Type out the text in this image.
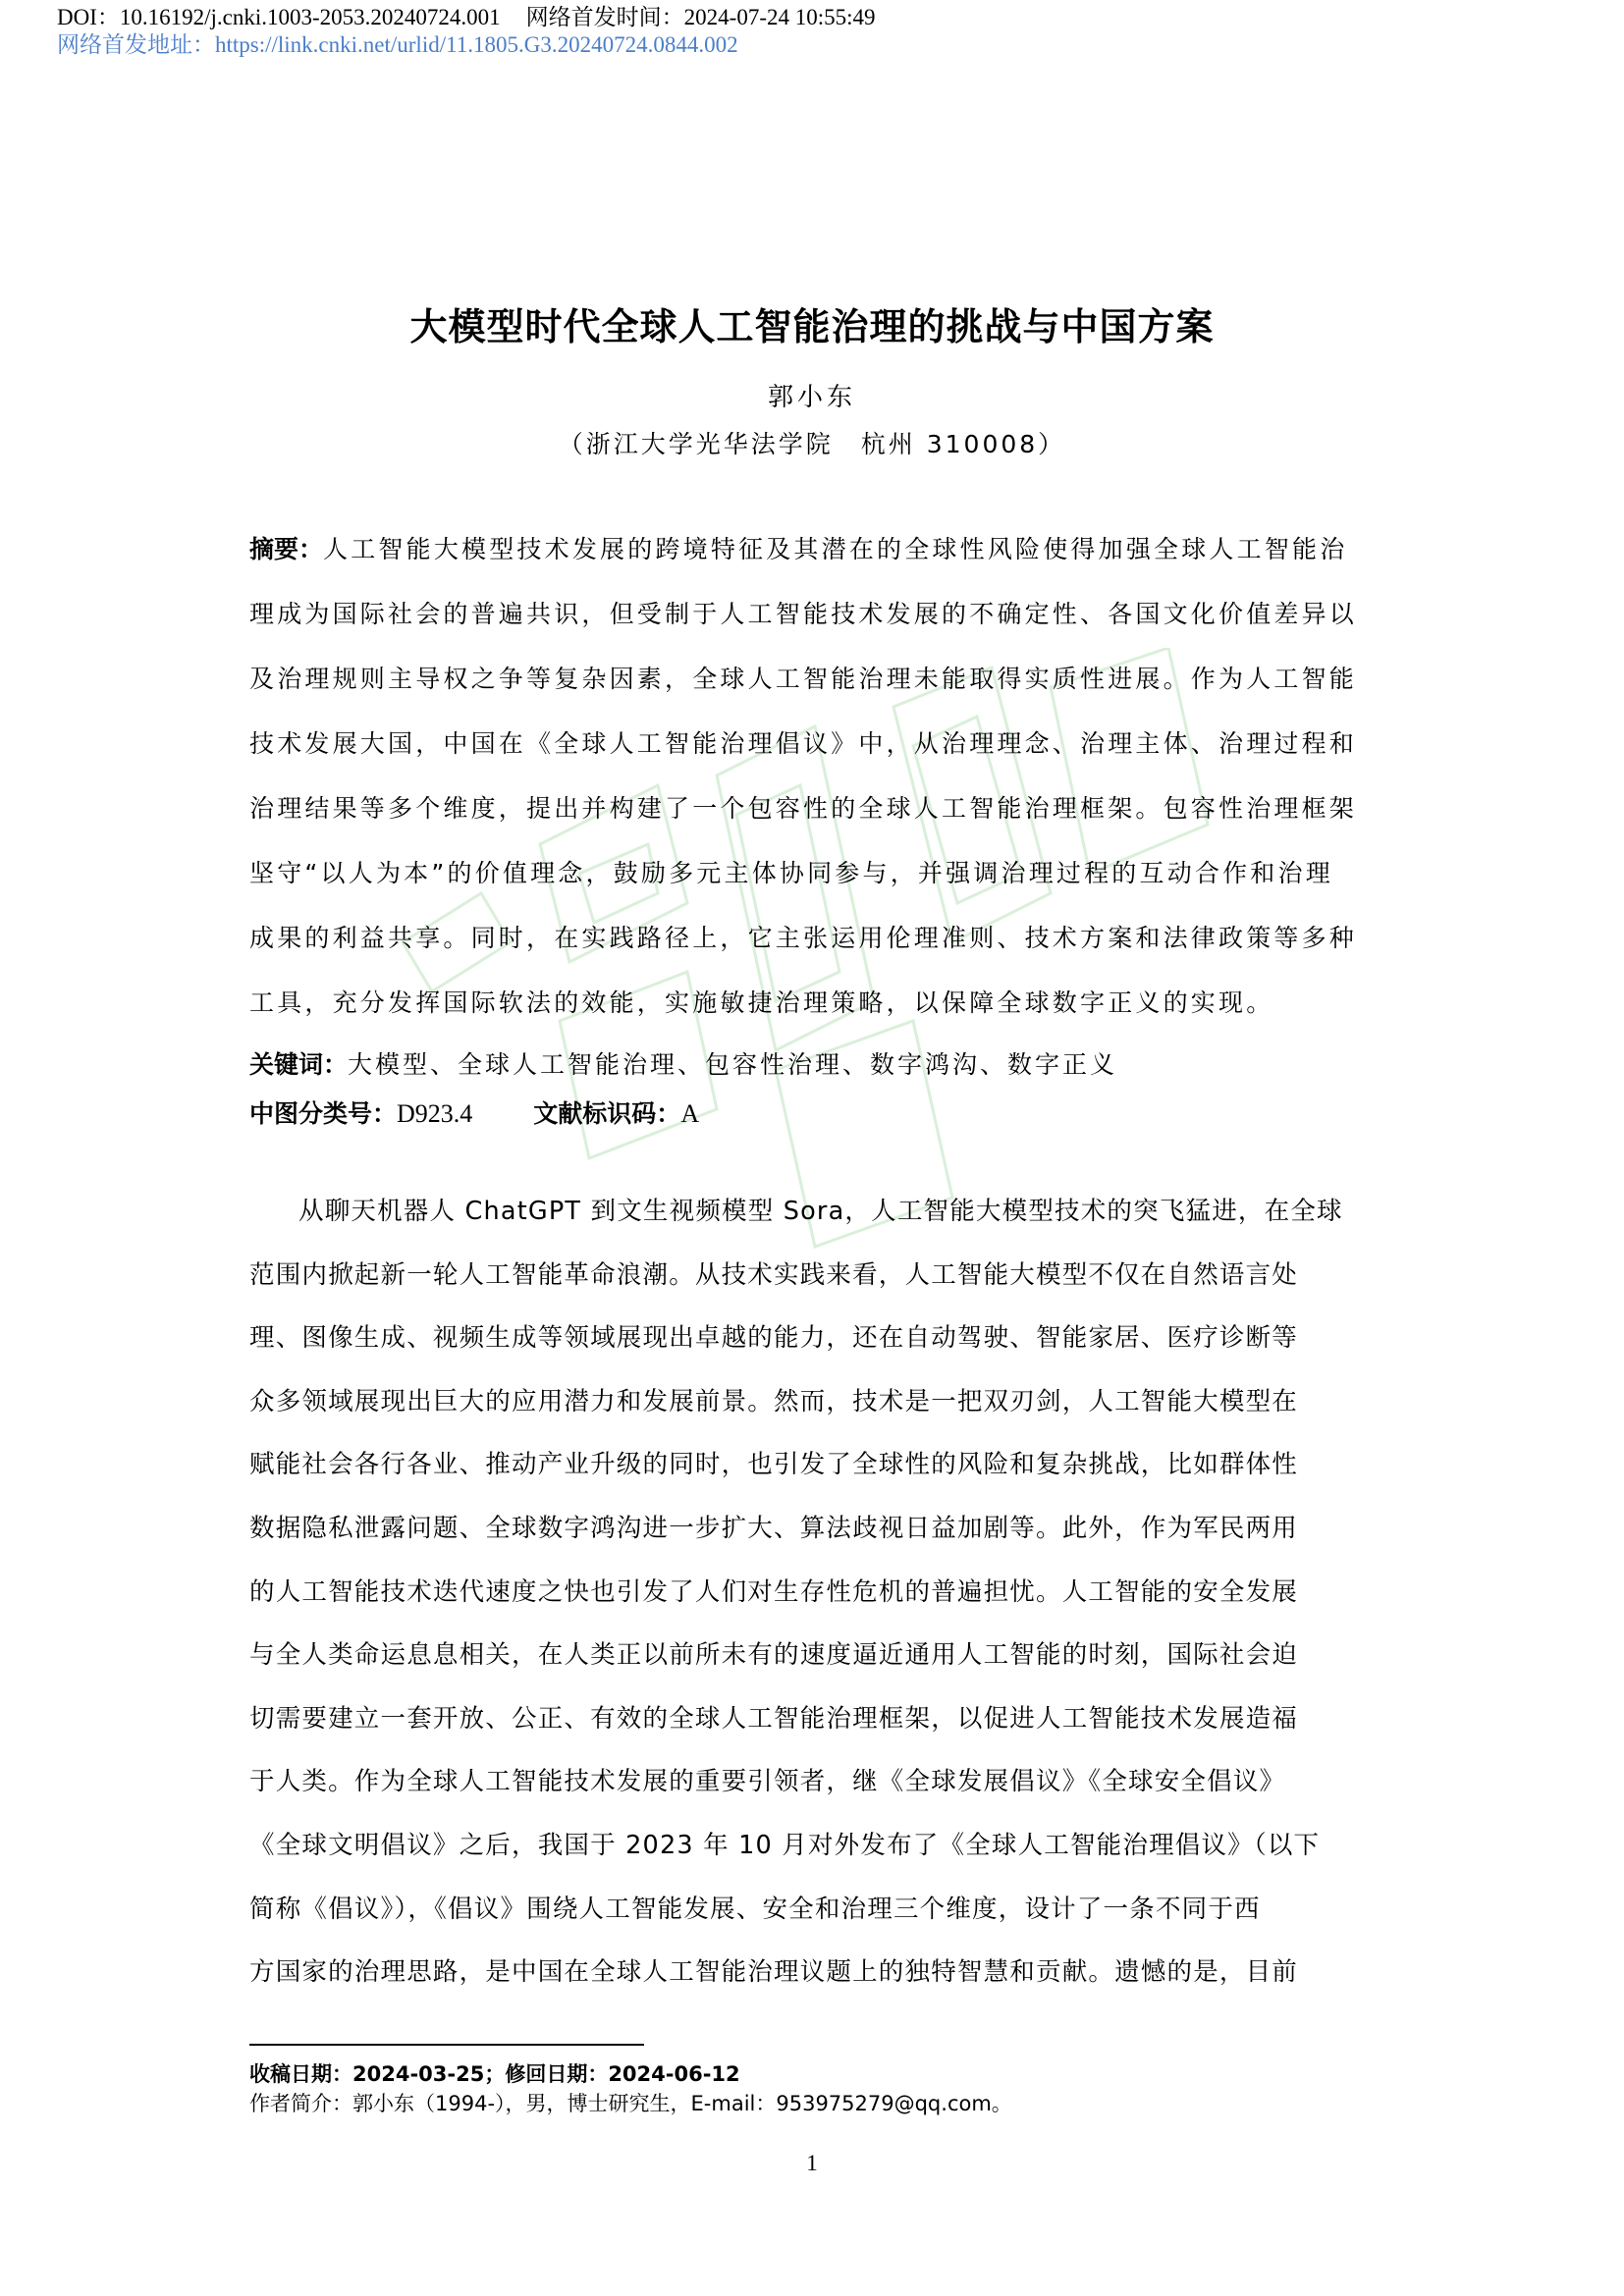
DOI：10.16192/j.cnki.1003-2053.20240724.001 网络首发时间：2024-07-24 10:55:49
网络首发地址：https://link.cnki.net/urlid/11.1805.G3.20240724.0844.002
大模型时代全球人工智能治理的挑战与中国方案
郭小东
（浙江大学光华法学院　杭州 310008）
摘要：人工智能大模型技术发展的跨境特征及其潜在的全球性风险使得加强全球人工智能治
理成为国际社会的普遍共识，但受制于人工智能技术发展的不确定性、各国文化价值差异以
及治理规则主导权之争等复杂因素，全球人工智能治理未能取得实质性进展。作为人工智能
技术发展大国，中国在《全球人工智能治理倡议》中，从治理理念、治理主体、治理过程和
治理结果等多个维度，提出并构建了一个包容性的全球人工智能治理框架。包容性治理框架
坚守“以人为本”的价值理念，鼓励多元主体协同参与，并强调治理过程的互动合作和治理
成果的利益共享。同时，在实践路径上，它主张运用伦理准则、技术方案和法律政策等多种
工具，充分发挥国际软法的效能，实施敏捷治理策略，以保障全球数字正义的实现。
关键词：大模型、全球人工智能治理、包容性治理、数字鸿沟、数字正义
中图分类号：D923.4 文献标识码：A
从聊天机器人 ChatGPT 到文生视频模型 Sora，人工智能大模型技术的突飞猛进，在全球
范围内掀起新一轮人工智能革命浪潮。从技术实践来看，人工智能大模型不仅在自然语言处
理、图像生成、视频生成等领域展现出卓越的能力，还在自动驾驶、智能家居、医疗诊断等
众多领域展现出巨大的应用潜力和发展前景。然而，技术是一把双刃剑，人工智能大模型在
赋能社会各行各业、推动产业升级的同时，也引发了全球性的风险和复杂挑战，比如群体性
数据隐私泄露问题、全球数字鸿沟进一步扩大、算法歧视日益加剧等。此外，作为军民两用
的人工智能技术迭代速度之快也引发了人们对生存性危机的普遍担忧。人工智能的安全发展
与全人类命运息息相关，在人类正以前所未有的速度逼近通用人工智能的时刻，国际社会迫
切需要建立一套开放、公正、有效的全球人工智能治理框架，以促进人工智能技术发展造福
于人类。作为全球人工智能技术发展的重要引领者，继《全球发展倡议》《全球安全倡议》
《全球文明倡议》之后，我国于 2023 年 10 月对外发布了《全球人工智能治理倡议》（以下
简称《倡议》），《倡议》围绕人工智能发展、安全和治理三个维度，设计了一条不同于西
方国家的治理思路，是中国在全球人工智能治理议题上的独特智慧和贡献。遗憾的是，目前
收稿日期：2024-03-25；修回日期：2024-06-12
作者简介：郭小东（1994-），男，博士研究生，E-mail：953975279@qq.com。
1
